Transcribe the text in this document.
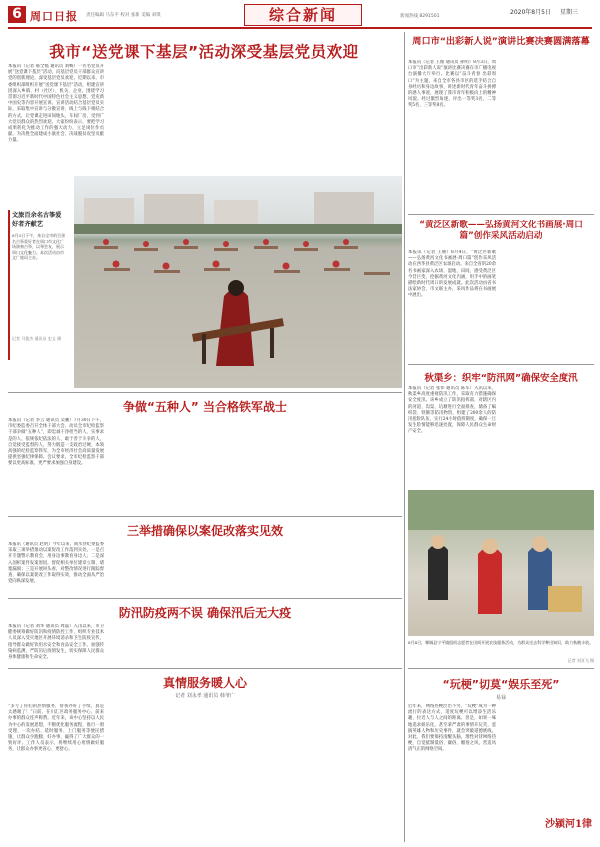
6 周口日报 责任编辑 马东平 校对 张新 美编 刘琪	综合新闻	2020年8月5日 星期三
新闻热线 8291501
我市“送党课下基层”活动深受基层党员欢迎
本报讯（记者 郝全福 通讯员 刘畅）一名名党员开展“送党课下基层”活动，向基层党员干部群众宣讲党的创新理论，深受基层党员欢迎。近期以来，市委组织部组织开展“送党课下基层”活动，组建宣讲团深入乡镇、村（社区）、机关、企业，围绕学习贯彻习近平新时代中国特色社会主义思想、党史新中国史等内容开展宣讲。宣讲活动结合基层党员实际，采取集中宣讲与分散宣讲、线上与线下相结合的方式，让党课走进田间地头、车间厂房，受到广大党员群众的热烈欢迎。大家纷纷表示，要把学习成果转化为推动工作的强大动力，立足岗位作贡献，为决胜全面建成小康社会、决战脱贫攻坚贡献力量。
文旅百余名古筝爱好者齐献艺
8月3日下午，来自全市的百余名古筝爱好者在周口市文化广场演奏古筝，以琴会友，展示周口文化魅力。本次活动由市文广旅局主办。
记者 马俊杰 通讯员 史义 摄
周口市“出彩新人说”演讲比赛决赛圆满落幕
本报讯（记者 王薇 通讯员 孙明）8月3日，周口市“出彩新人说”演讲比赛决赛在市广播电视台演播大厅举行。比赛以“奋斗青春 出彩周口”为主题，来自全市各县市区的选手结合自身经历和身边故事，讲述新时代青年奋斗拼搏的感人事迹，展现了我市青年积极向上的精神风貌。经过激烈角逐，评出一等奖3名、二等奖5名、三等奖8名。
“黄泛区新歌——弘扬黄河文化书画展·周口篇”创作采风活动启动
本报讯（记者 王丽）8月4日，“黄泛区新歌——弘扬黄河文化书画展·周口篇”创作采风活动在西华县黄泛区农场启动。来自全省的20余名书画家深入农场、湿地、田间，感受黄泛区今昔巨变，挖掘黄河文化内涵，用手中的画笔描绘新时代周口的发展成就。此次活动由省书法家协会、市文联主办，采风作品将在书画展中展出。
秋渠乡：织牢“防汛网”确保安全度汛
本报讯（记者 张伟 通讯员 陈军）入汛以来，秋渠乡高度重视防汛工作，采取有力措施确保安全度汛。该乡成立了防汛指挥部，对辖区内的河道、沟渠、坑塘进行全面排查，储备了编织袋、铁锹等防汛物资，组建了200余人的防汛抢险队伍，实行24小时值班制度，确保一旦发生险情能够迅速处置，保障人民群众生命财产安全。
8月4日，郸城县宁平镇组织志愿者在田间开展农技服务活动，为群众送去科学种田知识，助力秋粮丰收。
记者 刘亚飞 摄
“玩梗”切莫“娱乐至死”
易禄
近年来，网络热梗层出不穷，“玩梗”成为一种流行的表达方式，适度玩梗可以增添生活乐趣，拉近人与人之间的距离。但是，如果一味地追求娱乐化，甚至拿严肃的事情开玩笑、恶搞英雄人物和历史事件，就会突破道德底线。对此，我们要保持清醒头脑，理性对待网络热梗，自觉抵制低俗、庸俗、媚俗之风，营造风清气正的网络空间。
沙颍河1律
争做“五种人” 当合格铁军战士
本报讯（记者 李云 通讯员 吴鹏）7月30日下午，市纪委监委召开全体干部大会，动员全市纪检监察干部争做“五种人”，即忠诚干净担当的人、实事求是的人、依规依纪依法的人、敢于善于斗争的人、自觉接受监督的人，努力锻造一支政治过硬、本领高强的纪检监察铁军，为全市经济社会高质量发展提供坚强纪律保障。会议要求，全市纪检监察干部要以更高标准、更严要求加强自身建设。
三举措确保以案促改落实见效
本报讯（通讯员 赵明）今年以来，商水县纪委监委采取三项举措推动以案促改工作落到实处。一是召开专题警示教育会，用身边事教育身边人；二是深入剖析案件发案原因，督促相关单位建章立制、堵塞漏洞；三是开展回头看，对整改情况进行跟踪督查，确保以案促改工作取得实效，推动全面从严治党向纵深发展。
防汛防疫两不误 确保汛后无大疫
本报讯（记者 刘华 通讯员 周磊）入汛以来，市卫健委统筹做好防汛和疫情防控工作，组织专业技术人员深入受灾地区开展环境消杀和卫生防疫宣传，指导群众做好饮用水安全和食品安全工作，加强传染病监测，严防汛后疫情发生，切实保障人民群众身体健康和生命安全。
真情服务暖人心
记者 刘永孝 通讯员 韩爷广
“多亏了你们的热情服务，帮我办好了手续，真是太感谢了！”日前，在川汇区政务服务中心，前来办事的群众连声称赞。近年来，该中心坚持以人民为中心的发展思想，不断优化服务流程，推行一窗受理、一次办结、延时服务、上门服务等便民措施，让群众少跑腿、好办事，赢得了广大群众的一致好评。工作人员表示，将继续用心用情做好服务，让群众办事更省心、更舒心。
